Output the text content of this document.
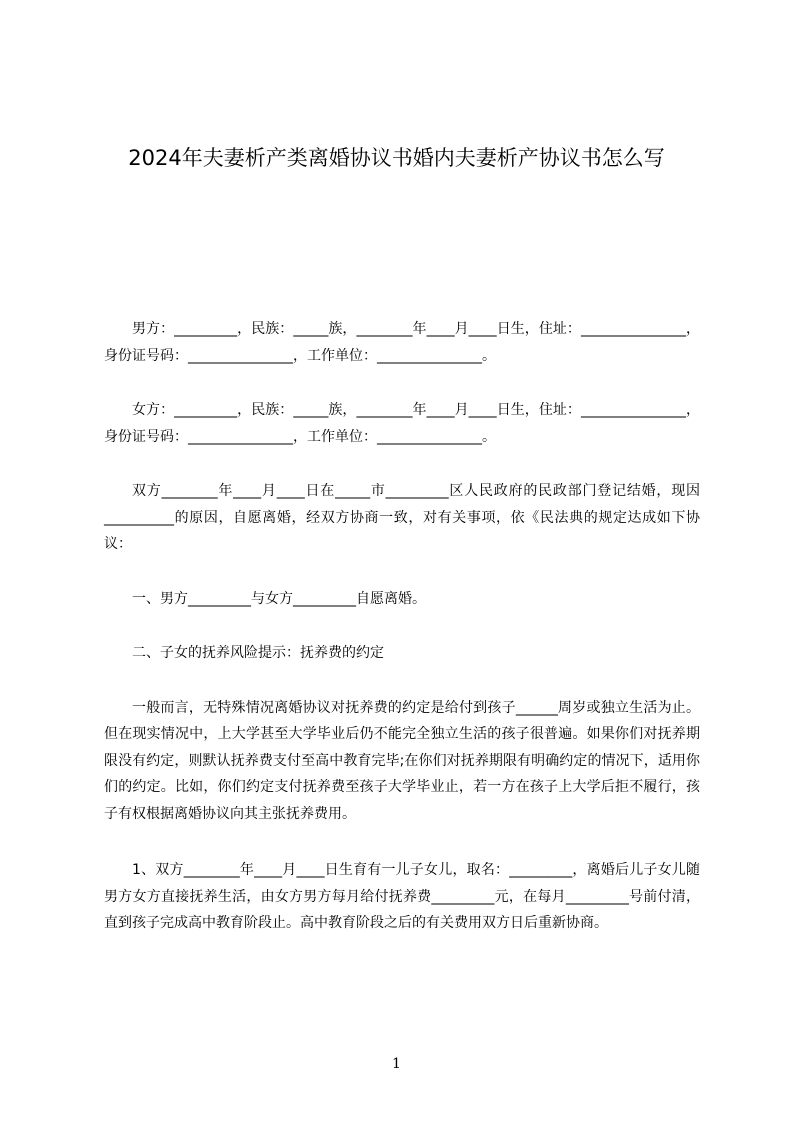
2024年夫妻析产类离婚协议书婚内夫妻析产协议书怎么写

男方：_________，民族：_____族，________年____月____日生，住址：_______________，身份证号码：_______________，工作单位：_______________。

女方：_________，民族：_____族，________年____月____日生，住址：_______________，身份证号码：_______________，工作单位：_______________。

双方________年____月____日在_____市_________区人民政府的民政部门登记结婚，现因__________的原因，自愿离婚，经双方协商一致，对有关事项，依《民法典的规定达成如下协议：

一、男方_________与女方_________自愿离婚。

二、子女的抚养风险提示：抚养费的约定

一般而言，无特殊情况离婚协议对抚养费的约定是给付到孩子______周岁或独立生活为止。但在现实情况中，上大学甚至大学毕业后仍不能完全独立生活的孩子很普遍。如果你们对抚养期限没有约定，则默认抚养费支付至高中教育完毕;在你们对抚养期限有明确约定的情况下，适用你们的约定。比如，你们约定支付抚养费至孩子大学毕业止，若一方在孩子上大学后拒不履行，孩子有权根据离婚协议向其主张抚养费用。

1、双方________年____月____日生育有一儿子女儿，取名：_________，离婚后儿子女儿随男方女方直接抚养生活，由女方男方每月给付抚养费_________元，在每月_________号前付清，直到孩子完成高中教育阶段止。高中教育阶段之后的有关费用双方日后重新协商。

1
